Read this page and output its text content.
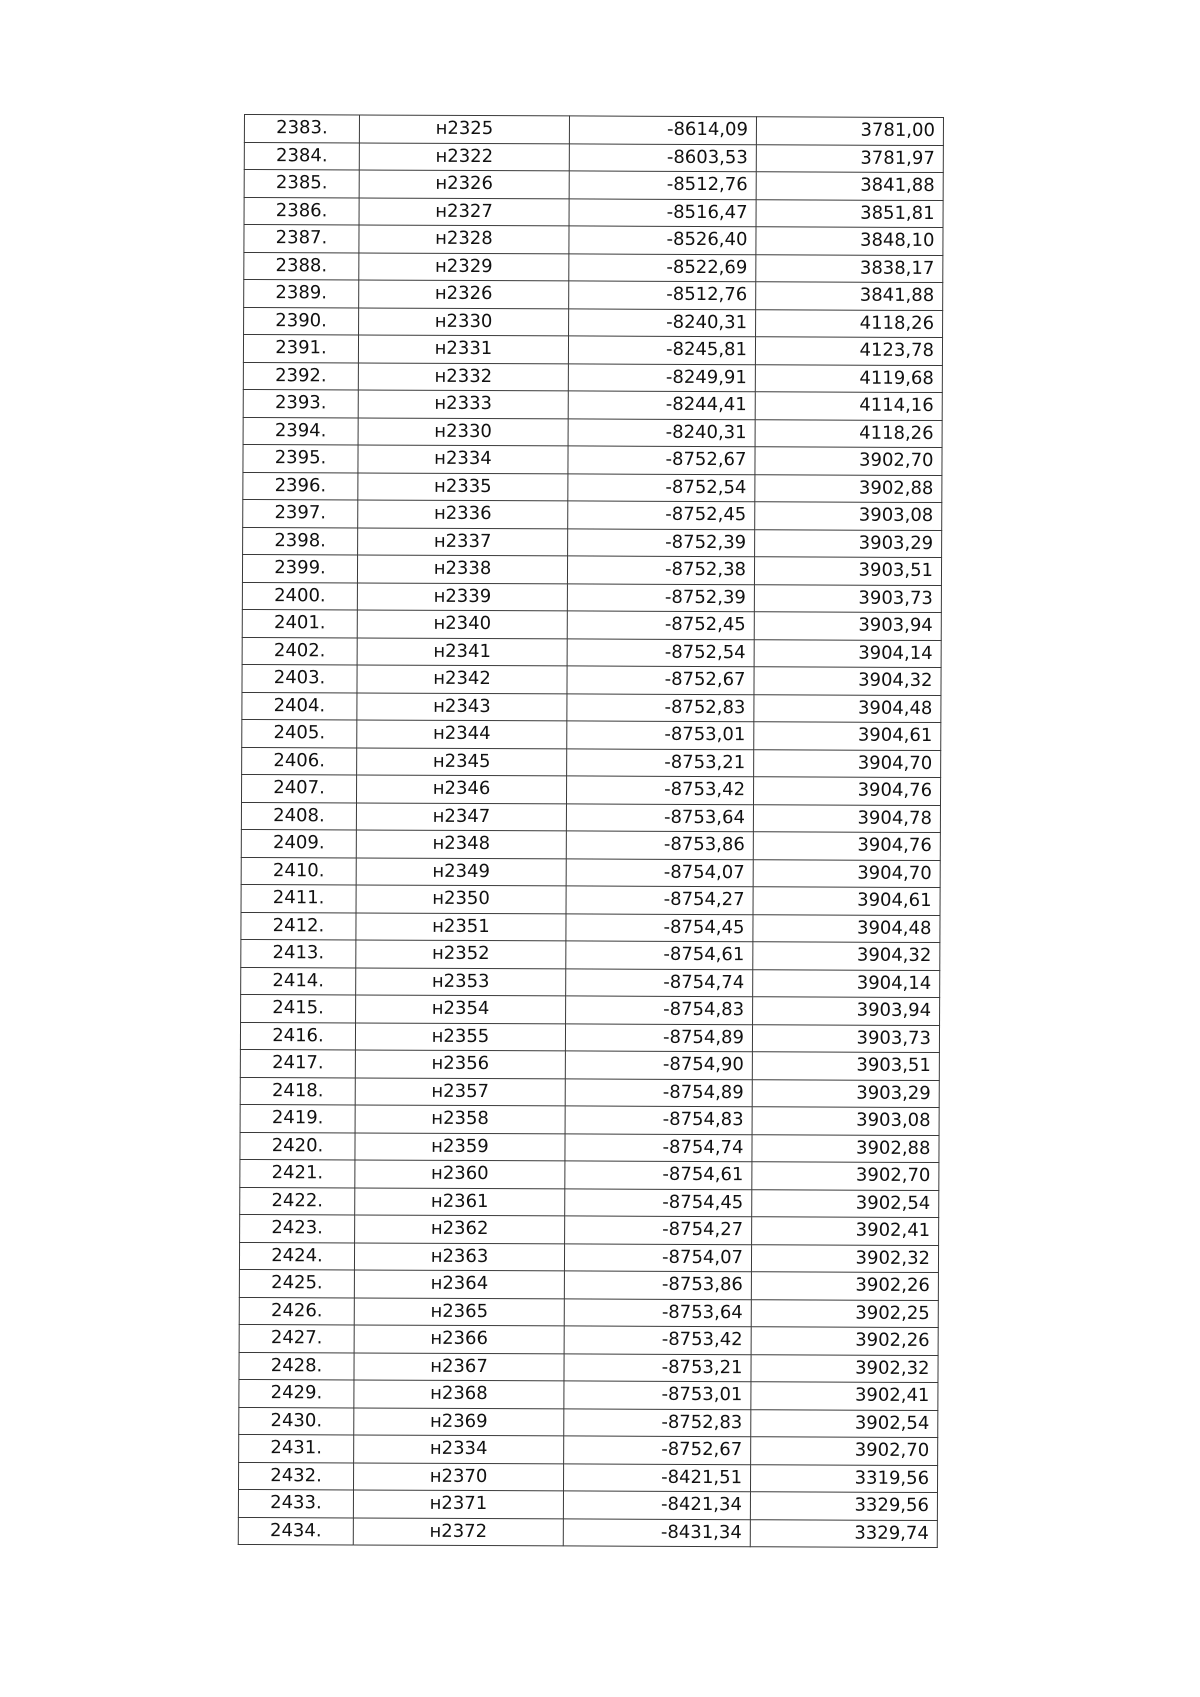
2383.	н2325	-8614,09	3781,00
2384.	н2322	-8603,53	3781,97
2385.	н2326	-8512,76	3841,88
2386.	н2327	-8516,47	3851,81
2387.	н2328	-8526,40	3848,10
2388.	н2329	-8522,69	3838,17
2389.	н2326	-8512,76	3841,88
2390.	н2330	-8240,31	4118,26
2391.	н2331	-8245,81	4123,78
2392.	н2332	-8249,91	4119,68
2393.	н2333	-8244,41	4114,16
2394.	н2330	-8240,31	4118,26
2395.	н2334	-8752,67	3902,70
2396.	н2335	-8752,54	3902,88
2397.	н2336	-8752,45	3903,08
2398.	н2337	-8752,39	3903,29
2399.	н2338	-8752,38	3903,51
2400.	н2339	-8752,39	3903,73
2401.	н2340	-8752,45	3903,94
2402.	н2341	-8752,54	3904,14
2403.	н2342	-8752,67	3904,32
2404.	н2343	-8752,83	3904,48
2405.	н2344	-8753,01	3904,61
2406.	н2345	-8753,21	3904,70
2407.	н2346	-8753,42	3904,76
2408.	н2347	-8753,64	3904,78
2409.	н2348	-8753,86	3904,76
2410.	н2349	-8754,07	3904,70
2411.	н2350	-8754,27	3904,61
2412.	н2351	-8754,45	3904,48
2413.	н2352	-8754,61	3904,32
2414.	н2353	-8754,74	3904,14
2415.	н2354	-8754,83	3903,94
2416.	н2355	-8754,89	3903,73
2417.	н2356	-8754,90	3903,51
2418.	н2357	-8754,89	3903,29
2419.	н2358	-8754,83	3903,08
2420.	н2359	-8754,74	3902,88
2421.	н2360	-8754,61	3902,70
2422.	н2361	-8754,45	3902,54
2423.	н2362	-8754,27	3902,41
2424.	н2363	-8754,07	3902,32
2425.	н2364	-8753,86	3902,26
2426.	н2365	-8753,64	3902,25
2427.	н2366	-8753,42	3902,26
2428.	н2367	-8753,21	3902,32
2429.	н2368	-8753,01	3902,41
2430.	н2369	-8752,83	3902,54
2431.	н2334	-8752,67	3902,70
2432.	н2370	-8421,51	3319,56
2433.	н2371	-8421,34	3329,56
2434.	н2372	-8431,34	3329,74
